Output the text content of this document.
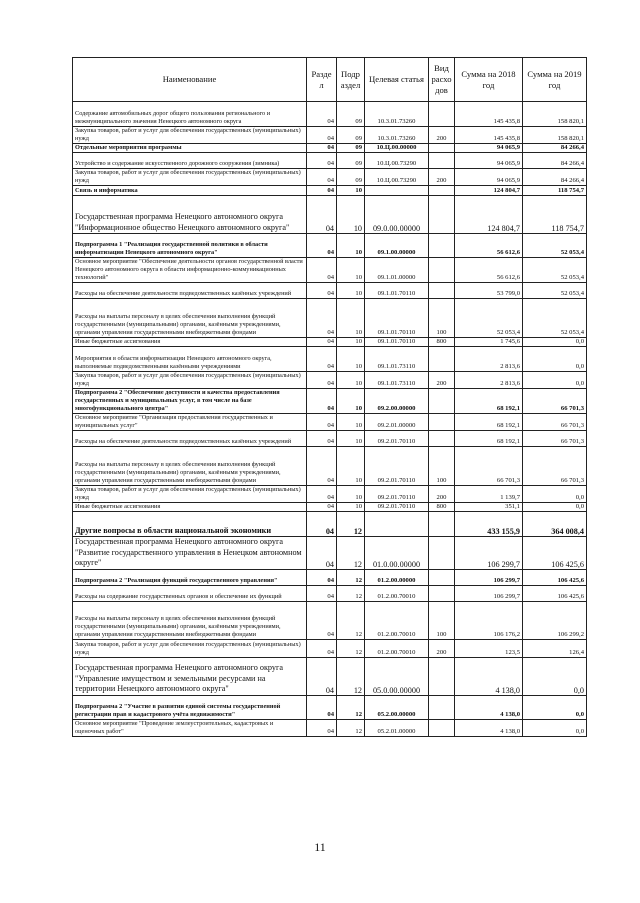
Наименование	Разде л	Подр аздел	Целевая статья	Вид расхо дов	Сумма на 2018 год	Сумма на 2019 год
Содержание автомобильных дорог общего пользования регионального и межмуниципального значения Ненецкого автономного округа	04	09	10.3.01.73260		145 435,8	158 820,1
Закупка товаров, работ и услуг для обеспечения государственных (муниципальных) нужд	04	09	10.3.01.73260	200	145 435,8	158 820,1
Отдельные мероприятия программы	04	09	10.Ц.00.00000		94 065,9	84 266,4
Устройство и содержание искусственного дорожного сооружения (зимника)	04	09	10.Ц.00.73290		94 065,9	84 266,4
Закупка товаров, работ и услуг для обеспечения государственных (муниципальных) нужд	04	09	10.Ц.00.73290	200	94 065,9	84 266,4
Связь и информатика	04	10			124 804,7	118 754,7
Государственная программа Ненецкого автономного округа "Информационное общество Ненецкого автономного округа"	04	10	09.0.00.00000		124 804,7	118 754,7
Подпрограмма 1 "Реализация государственной политики в области информатизации Ненецкого автономного округа"	04	10	09.1.00.00000		56 612,6	52 053,4
Основное мероприятие "Обеспечение деятельности органов государственной власти Ненецкого автономного округа в области информационно-коммуникационных технологий"	04	10	09.1.01.00000		56 612,6	52 053,4
Расходы на обеспечение деятельности подведомственных казённых учреждений	04	10	09.1.01.70110		53 799,0	52 053,4
Расходы на выплаты персоналу в целях обеспечения выполнения функций государственными (муниципальными) органами, казёнными учреждениями, органами управления государственными внебюджетными фондами	04	10	09.1.01.70110	100	52 053,4	52 053,4
Иные бюджетные ассигнования	04	10	09.1.01.70110	800	1 745,6	0,0
Мероприятия в области информатизации Ненецкого автономного округа, выполняемые подведомственными казёнными учреждениями	04	10	09.1.01.73110		2 813,6	0,0
Закупка товаров, работ и услуг для обеспечения государственных (муниципальных) нужд	04	10	09.1.01.73110	200	2 813,6	0,0
Подпрограмма 2 "Обеспечение доступности и качества предоставления государственных и муниципальных услуг, в том числе на базе многофункционального центра"	04	10	09.2.00.00000		68 192,1	66 701,3
Основное мероприятие "Организация предоставления государственных и муниципальных услуг"	04	10	09.2.01.00000		68 192,1	66 701,3
Расходы на обеспечение деятельности подведомственных казённых учреждений	04	10	09.2.01.70110		68 192,1	66 701,3
Расходы на выплаты персоналу в целях обеспечения выполнения функций государственными (муниципальными) органами, казёнными учреждениями, органами управления государственными внебюджетными фондами	04	10	09.2.01.70110	100	66 701,3	66 701,3
Закупка товаров, работ и услуг для обеспечения государственных (муниципальных) нужд	04	10	09.2.01.70110	200	1 139,7	0,0
Иные бюджетные ассигнования	04	10	09.2.01.70110	800	351,1	0,0
Другие вопросы в области национальной экономики	04	12			433 155,9	364 008,4
Государственная программа Ненецкого автономного округа "Развитие государственного управления в Ненецком автономном округе"	04	12	01.0.00.00000		106 299,7	106 425,6
Подпрограмма 2 "Реализация функций государственного управления"	04	12	01.2.00.00000		106 299,7	106 425,6
Расходы на содержание государственных органов и обеспечение их функций	04	12	01.2.00.70010		106 299,7	106 425,6
Расходы на выплаты персоналу в целях обеспечения выполнения функций государственными (муниципальными) органами, казёнными учреждениями, органами управления государственными внебюджетными фондами	04	12	01.2.00.70010	100	106 176,2	106 299,2
Закупка товаров, работ и услуг для обеспечения государственных (муниципальных) нужд	04	12	01.2.00.70010	200	123,5	126,4
Государственная программа Ненецкого автономного округа "Управление имуществом и земельными ресурсами на территории Ненецкого автономного округа"	04	12	05.0.00.00000		4 138,0	0,0
Подпрограмма 2 "Участие в развитии единой системы государственной регистрации прав и кадастрового учёта недвижимости"	04	12	05.2.00.00000		4 138,0	0,0
Основное мероприятие "Проведение землеустроительных, кадастровых и оценочных работ"	04	12	05.2.01.00000		4 138,0	0,0
11
